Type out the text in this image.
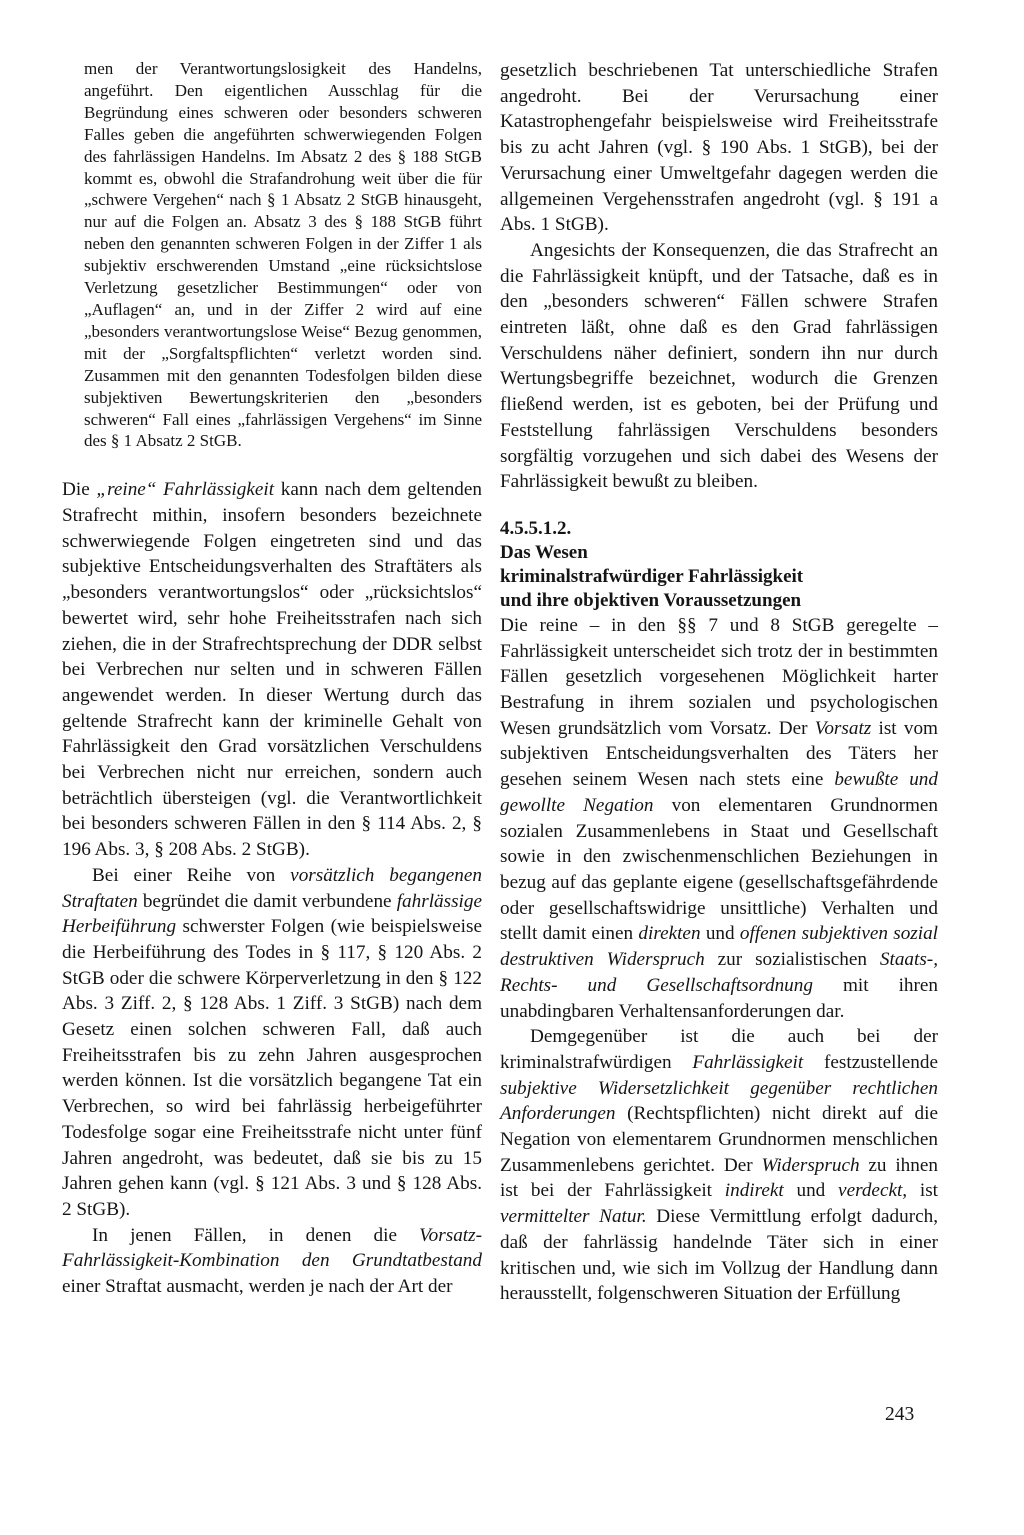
men der Verantwortungslosigkeit des Handelns, angeführt. Den eigentlichen Ausschlag für die Begründung eines schweren oder besonders schweren Falles geben die angeführten schwerwiegenden Folgen des fahrlässigen Handelns. Im Absatz 2 des § 188 StGB kommt es, obwohl die Strafandrohung weit über die für „schwere Vergehen“ nach § 1 Absatz 2 StGB hinausgeht, nur auf die Folgen an. Absatz 3 des § 188 StGB führt neben den genannten schweren Folgen in der Ziffer 1 als subjektiv erschwerenden Umstand „eine rücksichtslose Verletzung gesetzlicher Bestimmungen“ oder von „Auflagen“ an, und in der Ziffer 2 wird auf eine „besonders verantwortungslose Weise“ Bezug genommen, mit der „Sorgfaltspflichten“ verletzt worden sind. Zusammen mit den genannten Todesfolgen bilden diese subjektiven Bewertungskriterien den „besonders schweren“ Fall eines „fahrlässigen Vergehens“ im Sinne des § 1 Absatz 2 StGB.

Die „reine“ Fahrlässigkeit kann nach dem geltenden Strafrecht mithin, insofern besonders bezeichnete schwerwiegende Folgen eingetreten sind und das subjektive Entscheidungsverhalten des Straftäters als „besonders verantwortungslos“ oder „rücksichtslos“ bewertet wird, sehr hohe Freiheitsstrafen nach sich ziehen, die in der Strafrechtsprechung der DDR selbst bei Verbrechen nur selten und in schweren Fällen angewendet werden. In dieser Wertung durch das geltende Strafrecht kann der kriminelle Gehalt von Fahrlässigkeit den Grad vorsätzlichen Verschuldens bei Verbrechen nicht nur erreichen, sondern auch beträchtlich übersteigen (vgl. die Verantwortlichkeit bei besonders schweren Fällen in den § 114 Abs. 2, § 196 Abs. 3, § 208 Abs. 2 StGB).

Bei einer Reihe von vorsätzlich begangenen Straftaten begründet die damit verbundene fahrlässige Herbeiführung schwerster Folgen (wie beispielsweise die Herbeiführung des Todes in § 117, § 120 Abs. 2 StGB oder die schwere Körperverletzung in den § 122 Abs. 3 Ziff. 2, § 128 Abs. 1 Ziff. 3 StGB) nach dem Gesetz einen solchen schweren Fall, daß auch Freiheitsstrafen bis zu zehn Jahren ausgesprochen werden können. Ist die vorsätzlich begangene Tat ein Verbrechen, so wird bei fahrlässig herbeigeführter Todesfolge sogar eine Freiheitsstrafe nicht unter fünf Jahren angedroht, was bedeutet, daß sie bis zu 15 Jahren gehen kann (vgl. § 121 Abs. 3 und § 128 Abs. 2 StGB).

In jenen Fällen, in denen die Vorsatz-Fahrlässigkeit-Kombination den Grundtatbestand einer Straftat ausmacht, werden je nach der Art der

gesetzlich beschriebenen Tat unterschiedliche Strafen angedroht. Bei der Verursachung einer Katastrophengefahr beispielsweise wird Freiheitsstrafe bis zu acht Jahren (vgl. § 190 Abs. 1 StGB), bei der Verursachung einer Umweltgefahr dagegen werden die allgemeinen Vergehensstrafen angedroht (vgl. § 191 a Abs. 1 StGB).

Angesichts der Konsequenzen, die das Strafrecht an die Fahrlässigkeit knüpft, und der Tatsache, daß es in den „besonders schweren“ Fällen schwere Strafen eintreten läßt, ohne daß es den Grad fahrlässigen Verschuldens näher definiert, sondern ihn nur durch Wertungsbegriffe bezeichnet, wodurch die Grenzen fließend werden, ist es geboten, bei der Prüfung und Feststellung fahrlässigen Verschuldens besonders sorgfältig vorzugehen und sich dabei des Wesens der Fahrlässigkeit bewußt zu bleiben.

4.5.5.1.2.
Das Wesen
kriminalstrafwürdiger Fahrlässigkeit
und ihre objektiven Voraussetzungen

Die reine – in den §§ 7 und 8 StGB geregelte – Fahrlässigkeit unterscheidet sich trotz der in bestimmten Fällen gesetzlich vorgesehenen Möglichkeit harter Bestrafung in ihrem sozialen und psychologischen Wesen grundsätzlich vom Vorsatz. Der Vorsatz ist vom subjektiven Entscheidungsverhalten des Täters her gesehen seinem Wesen nach stets eine bewußte und gewollte Negation von elementaren Grundnormen sozialen Zusammenlebens in Staat und Gesellschaft sowie in den zwischenmenschlichen Beziehungen in bezug auf das geplante eigene (gesellschaftsgefährdende oder gesellschaftswidrige unsittliche) Verhalten und stellt damit einen direkten und offenen subjektiven sozial destruktiven Widerspruch zur sozialistischen Staats-, Rechts- und Gesellschaftsordnung mit ihren unabdingbaren Verhaltensanforderungen dar.

Demgegenüber ist die auch bei der kriminalstrafwürdigen Fahrlässigkeit festzustellende subjektive Widersetzlichkeit gegenüber rechtlichen Anforderungen (Rechtspflichten) nicht direkt auf die Negation von elementarem Grundnormen menschlichen Zusammenlebens gerichtet. Der Widerspruch zu ihnen ist bei der Fahrlässigkeit indirekt und verdeckt, ist vermittelter Natur. Diese Vermittlung erfolgt dadurch, daß der fahrlässig handelnde Täter sich in einer kritischen und, wie sich im Vollzug der Handlung dann herausstellt, folgenschweren Situation der Erfüllung

243
